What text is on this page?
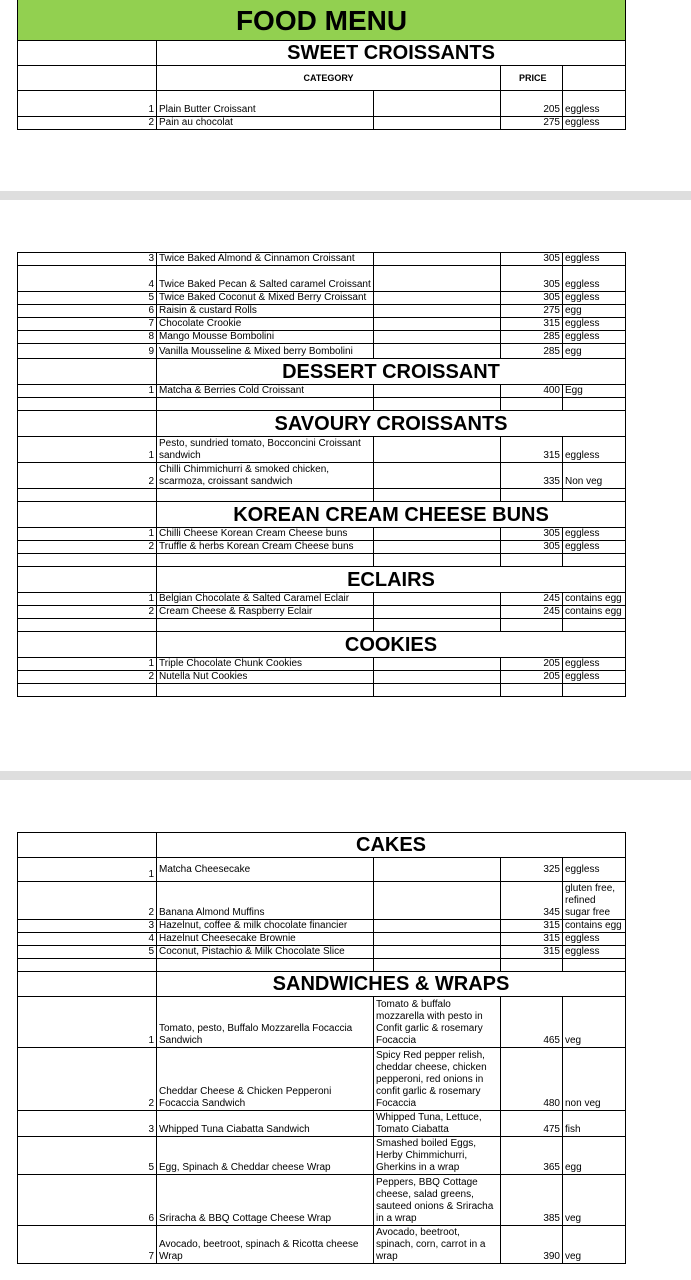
FOOD MENU				
	SWEET CROISSANTS			
	CATEGORY		PRICE	
1	Plain Butter Croissant		205	eggless
2	Pain au chocolat		275	eggless
3	Twice Baked Almond & Cinnamon Croissant		305	eggless
4	Twice Baked Pecan & Salted caramel Croissant		305	eggless
5	Twice Baked Coconut & Mixed Berry Croissant		305	eggless
6	Raisin & custard Rolls		275	egg
7	Chocolate Crookie		315	eggless
8	Mango Mousse Bombolini		285	eggless
9	Vanilla Mousseline & Mixed berry Bombolini		285	egg
	DESSERT CROISSANT			
1	Matcha & Berries Cold Croissant		400	Egg

	SAVOURY CROISSANTS			
1	Pesto, sundried tomato, Bocconcini Croissant
sandwich		315	eggless
2	Chilli Chimmichurri & smoked chicken,
scarmoza, croissant sandwich		335	Non veg

	KOREAN CREAM CHEESE BUNS			
1	Chilli Cheese Korean Cream Cheese buns		305	eggless
2	Truffle & herbs Korean Cream Cheese buns		305	eggless

	ECLAIRS			
1	Belgian Chocolate & Salted Caramel Eclair		245	contains egg
2	Cream Cheese & Raspberry Eclair		245	contains egg

	COOKIES			
1	Triple Chocolate Chunk Cookies		205	eggless
2	Nutella Nut Cookies		205	eggless

	CAKES			
1	Matcha Cheesecake		325	eggless
2	Banana Almond Muffins		345	gluten free,
refined
sugar free
3	Hazelnut, coffee & milk chocolate financier		315	contains egg
4	Hazelnut Cheesecake Brownie		315	eggless
5	Coconut, Pistachio & Milk Chocolate Slice		315	eggless

	SANDWICHES & WRAPS			
1	Tomato, pesto, Buffalo Mozzarella Focaccia
Sandwich	Tomato & buffalo
mozzarella with pesto in
Confit garlic & rosemary
Focaccia	465	veg
2	Cheddar Cheese & Chicken Pepperoni
Focaccia Sandwich	Spicy Red pepper relish,
cheddar cheese, chicken
pepperoni, red onions in
confit garlic & rosemary
Focaccia	480	non veg
3	Whipped Tuna Ciabatta Sandwich	Whipped Tuna, Lettuce,
Tomato Ciabatta	475	fish
5	Egg, Spinach & Cheddar cheese Wrap	Smashed boiled Eggs,
Herby Chimmichurri,
Gherkins in a wrap	365	egg
6	Sriracha & BBQ Cottage Cheese Wrap	Peppers, BBQ Cottage
cheese, salad greens,
sauteed onions & Sriracha
in a wrap	385	veg
7	Avocado, beetroot, spinach & Ricotta cheese
Wrap	Avocado, beetroot,
spinach, corn, carrot in a
wrap	390	veg
